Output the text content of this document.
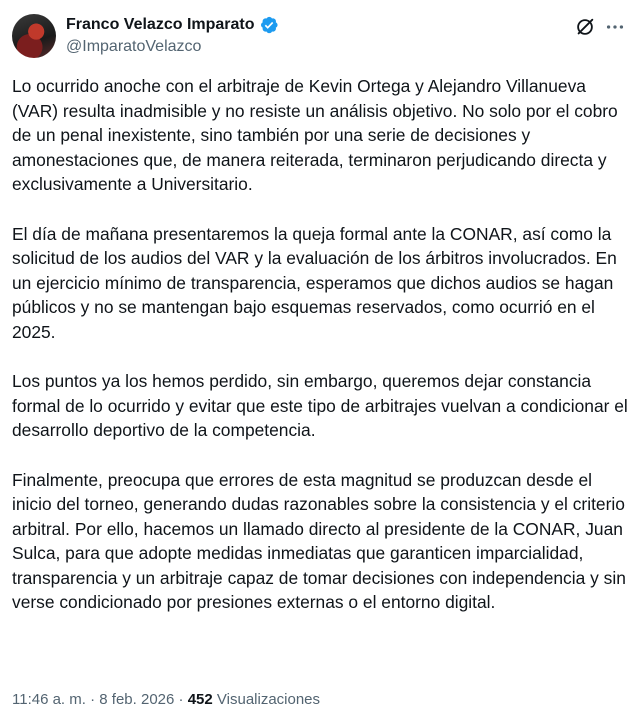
Franco Velazco Imparato
@ImparatoVelazco

Lo ocurrido anoche con el arbitraje de Kevin Ortega y Alejandro Villanueva (VAR) resulta inadmisible y no resiste un análisis objetivo. No solo por el cobro de un penal inexistente, sino también por una serie de decisiones y amonestaciones que, de manera reiterada, terminaron perjudicando directa y exclusivamente a Universitario.

El día de mañana presentaremos la queja formal ante la CONAR, así como la solicitud de los audios del VAR y la evaluación de los árbitros involucrados. En un ejercicio mínimo de transparencia, esperamos que dichos audios se hagan públicos y no se mantengan bajo esquemas reservados, como ocurrió en el 2025.

Los puntos ya los hemos perdido, sin embargo, queremos dejar constancia formal de lo ocurrido y evitar que este tipo de arbitrajes vuelvan a condicionar el desarrollo deportivo de la competencia.

Finalmente, preocupa que errores de esta magnitud se produzcan desde el inicio del torneo, generando dudas razonables sobre la consistencia y el criterio arbitral. Por ello, hacemos un llamado directo al presidente de la CONAR, Juan Sulca, para que adopte medidas inmediatas que garanticen imparcialidad, transparencia y un arbitraje capaz de tomar decisiones con independencia y sin verse condicionado por presiones externas o el entorno digital.

11:46 a. m. · 8 feb. 2026 · 452 Visualizaciones
